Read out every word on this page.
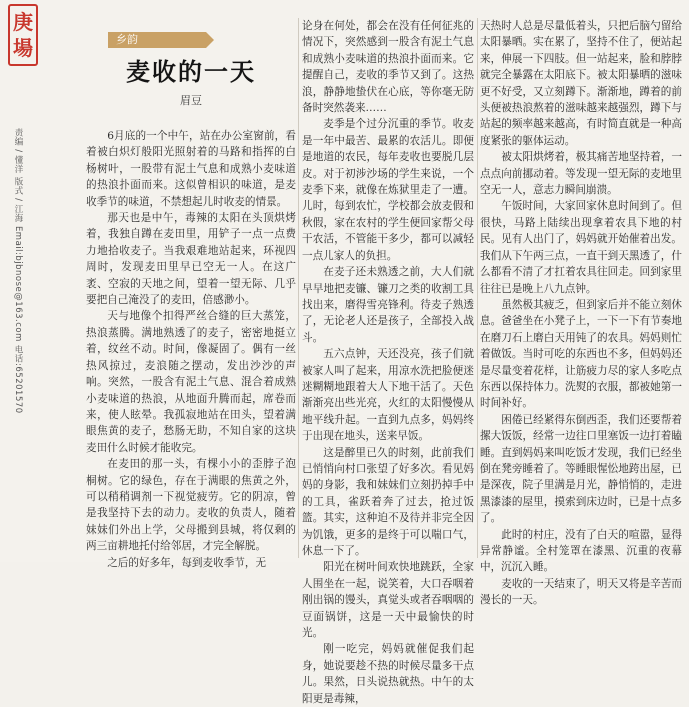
庚
場	乡韵
责编 / 懂洋 版式 / 江海 Email:bjbnose@163.com 电话:65201570
麦收的一天
眉豆

6月底的一个中午，站在办公室窗前，看着被白炽灯般阳光照射着的马路和指挥的白杨树叶，一股带有泥土气息和成熟小麦味道的热浪扑面而来。这似曾相识的味道，是麦收季节的味道，不禁想起儿时收麦的情景。

那天也是中午，毒辣的太阳在头顶烘烤着，我独自蹲在麦田里，用铲子一点一点费力地拾收麦子。当我艰难地站起来，环视四周时，发现麦田里早已空无一人。在这广袤、空寂的天地之间，望着一望无际、几乎要把自己淹没了的麦田，倍感渺小。

天与地像个扣得严丝合缝的巨大蒸笼，热浪蒸腾。满地熟透了的麦子，密密地挺立着，纹丝不动。时间，像凝固了。偶有一丝热风掠过，麦浪随之摆动，发出沙沙的声响。突然，一股含有泥土气息、混合着成熟小麦味道的热浪，从地面升腾而起，席卷而来，使人眩晕。我孤寂地站在田头，望着满眼焦黄的麦子，愁肠无助，不知自家的这块麦田什么时候才能收完。

在麦田的那一头，有棵小小的歪脖子泡桐树。它的绿色，存在于满眼的焦黄之外，可以稍稍调剂一下视觉疲劳。它的阴凉，曾是我坚持下去的动力。麦收的负责人，随着妹妹们外出上学，父母搬到县城，将仅剩的两三亩耕地托付给邻居，才完全解脱。

之后的好多年，每到麦收季节，无

论身在何处，都会在没有任何征兆的情况下，突然感到一股含有泥土气息和成熟小麦味道的热浪扑面而来。它提醒自己，麦收的季节又到了。这热浪，静静地蛰伏在心底，等你毫无防备时突然袭来……

麦季是个过分沉重的季节。收麦是一年中最苦、最累的农活儿。即便是地道的农民，每年麦收也要脱几层皮。对于初涉沙场的学生来说，一个麦季下来，就像在炼狱里走了一遭。儿时，每到农忙，学校都会放麦假和秋假，家在农村的学生便回家帮父母干农活，不管能干多少，都可以减轻一点儿家人的负担。

在麦子还未熟透之前，大人们就早早地把麦镰、镰刀之类的收割工具找出来，磨得雪亮锋利。待麦子熟透了，无论老人还是孩子，全部投入战斗。

五六点钟，天还没亮，孩子们就被家人叫了起来，用凉水洗把脸便迷迷糊糊地跟着大人下地干活了。天色渐渐亮出些光亮，火红的太阳慢慢从地平线升起。一直到九点多，妈妈终于出现在地头，送来早饭。

这是醉里已久的时刻，此前我们已悄悄向村口张望了好多次。看见妈妈的身影，我和妹妹们立刻扔掉手中的工具，雀跃着奔了过去，抢过饭篮。其实，这种迫不及待并非完全因为饥饿，更多的是终于可以喘口气，休息一下了。

阳光在树叶间欢快地跳跃，全家人围坐在一起，说笑着，大口吞咽着刚出锅的馒头，真觉头或者吞咽咽的豆面锅饼，这是一天中最愉快的时光。

刚一吃完，妈妈就催促我们起身，她说要趁不热的时候尽量多干点儿。果然，日头说热就热。中午的太阳更是毒辣，

天热时人总是尽量低着头，只把后脑勺留给太阳暴晒。实在累了，坚持不住了，便站起来，伸展一下四肢。但一站起来，脸和脖脖就完全暴露在太阳底下。被太阳暴晒的滋味更不好受，又立刻蹲下。渐渐地，蹲着的前头便被热浪熬着的滋味越来越强烈，蹲下与站起的频率越来越高，有时简直就是一种高度紧张的躯体运动。

被太阳烘烤着，极其痛苦地坚持着，一点点向前挪动着。等发现一望无际的麦地里空无一人，意志力瞬间崩溃。

午饭时间，大家回家休息时间到了。但很快，马路上陆续出现拿着农具下地的村民。见有人出门了，妈妈就开始催着出发。我们从下午两三点，一直干到天黑透了，什么都看不清了才扛着农具往回走。回到家里往往已是晚上八九点钟。

虽然极其疲乏，但到家后并不能立刻休息。爸爸坐在小凳子上，一下一下有节奏地在磨刀石上磨白天用钝了的农具。妈妈则忙着做饭。当时可吃的东西也不多，但妈妈还是尽量变着花样，让筋疲力尽的家人多吃点东西以保持体力。洗熨的衣服，都被她第一时间补好。

困倦已经紧得东倒西歪，我们还要帮着摞大饭饭，经常一边往口里塞饭一边打着瞌睡。直到妈妈来叫吃饭才发现，我们已经坐倒在凳旁睡着了。等睡眼惺忪地跨出屋，已是深夜，院子里满是月光，静悄悄的，走进黑漆漆的屋里，摸索到床边时，已是十点多了。

此时的村庄，没有了白天的喧嚣，显得异常静谧。全村笼罩在漆黑、沉重的夜幕中，沉沉入睡。

麦收的一天结束了，明天又将是辛苦而漫长的一天。
